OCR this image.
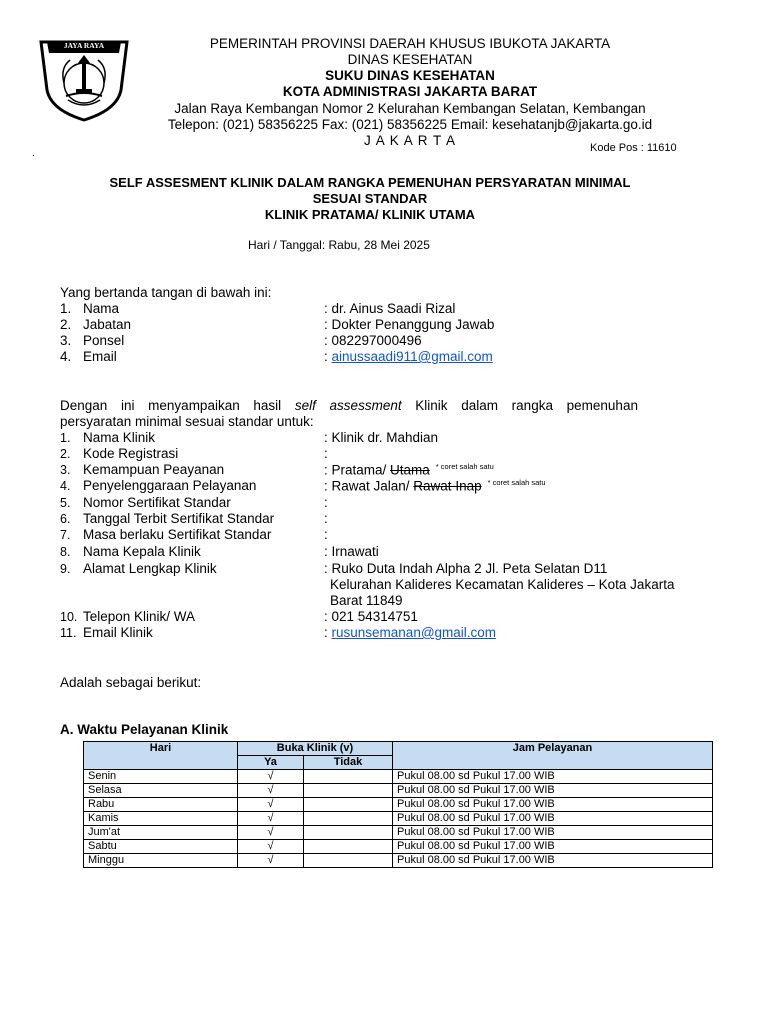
JAYA RAYA	PEMERINTAH PROVINSI DAERAH KHUSUS IBUKOTA JAKARTA
DINAS KESEHATAN
SUKU DINAS KESEHATAN
KOTA ADMINISTRASI JAKARTA BARAT
Jalan Raya Kembangan Nomor 2 Kelurahan Kembangan Selatan, Kembangan
Telepon: (021) 58356225 Fax: (021) 58356225 Email: kesehatanjb@jakarta.go.id
J A K A R T A	Kode Pos : 11610
.
SELF ASSESMENT KLINIK DALAM RANGKA PEMENUHAN PERSYARATAN MINIMAL
SESUAI STANDAR
KLINIK PRATAMA/ KLINIK UTAMA
Hari / Tanggal: Rabu, 28 Mei 2025
Yang bertanda tangan di bawah ini:
1. Nama	: dr. Ainus Saadi Rizal
2. Jabatan	: Dokter Penanggung Jawab
3. Ponsel	: 082297000496
4. Email	: ainussaadi911@gmail.com
Dengan ini menyampaikan hasil self assessment Klinik dalam rangka pemenuhan
persyaratan minimal sesuai standar untuk:
1. Nama Klinik	: Klinik dr. Mahdian
2. Kode Registrasi	:
3. Kemampuan Peayanan	: Pratama/ Utama $^{* coret salah satu}$
4. Penyelenggaraan Pelayanan	: Rawat Jalan/ Rawat Inap $^{* coret salah satu}$
5. Nomor Sertifikat Standar	:
6. Tanggal Terbit Sertifikat Standar	:
7. Masa berlaku Sertifikat Standar	:
8. Nama Kepala Klinik	: Irnawati
9. Alamat Lengkap Klinik	: Ruko Duta Indah Alpha 2 Jl. Peta Selatan D11
Kelurahan Kalideres Kecamatan Kalideres – Kota Jakarta
Barat 11849
10. Telepon Klinik/ WA	: 021 54314751
11. Email Klinik	: rusunsemanan@gmail.com
Adalah sebagai berikut:
A. Waktu Pelayanan Klinik
Hari	Buka Klinik (v)		Jam Pelayanan
	Ya	Tidak	
Senin	√		Pukul 08.00 sd Pukul 17.00 WIB
Selasa	√		Pukul 08.00 sd Pukul 17.00 WIB
Rabu	√		Pukul 08.00 sd Pukul 17.00 WIB
Kamis	√		Pukul 08.00 sd Pukul 17.00 WIB
Jum'at	√		Pukul 08.00 sd Pukul 17.00 WIB
Sabtu	√		Pukul 08.00 sd Pukul 17.00 WIB
Minggu	√		Pukul 08.00 sd Pukul 17.00 WIB
